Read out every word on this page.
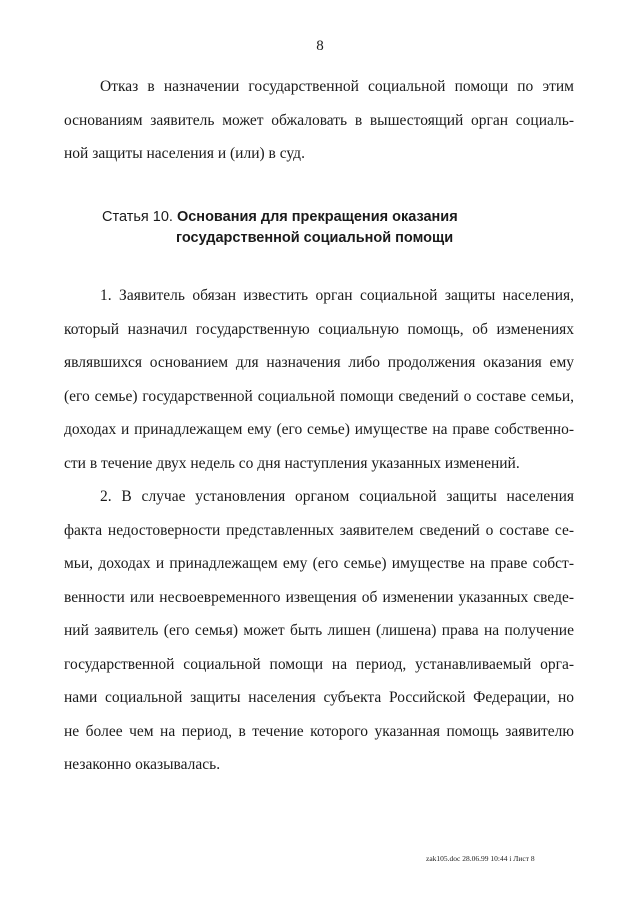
8
Отказ в назначении государственной социальной помощи по этим
основаниям заявитель может обжаловать в вышестоящий орган социаль-
ной защиты населения и (или) в суд.
Статья 10. Основания для прекращения оказания
государственной социальной помощи
1. Заявитель обязан известить орган социальной защиты населения,
который назначил государственную социальную помощь, об изменениях
являвшихся основанием для назначения либо продолжения оказания ему
(его семье) государственной социальной помощи сведений о составе семьи,
доходах и принадлежащем ему (его семье) имуществе на праве собственно-
сти в течение двух недель со дня наступления указанных изменений.
2. В случае установления органом социальной защиты населения
факта недостоверности представленных заявителем сведений о составе се-
мьи, доходах и принадлежащем ему (его семье) имуществе на праве собст-
венности или несвоевременного извещения об изменении указанных сведе-
ний заявитель (его семья) может быть лишен (лишена) права на получение
государственной социальной помощи на период, устанавливаемый орга-
нами социальной защиты населения субъекта Российской Федерации, но
не более чем на период, в течение которого указанная помощь заявителю
незаконно оказывалась.
zak105.doc 28.06.99 10:44 i Лист 8
